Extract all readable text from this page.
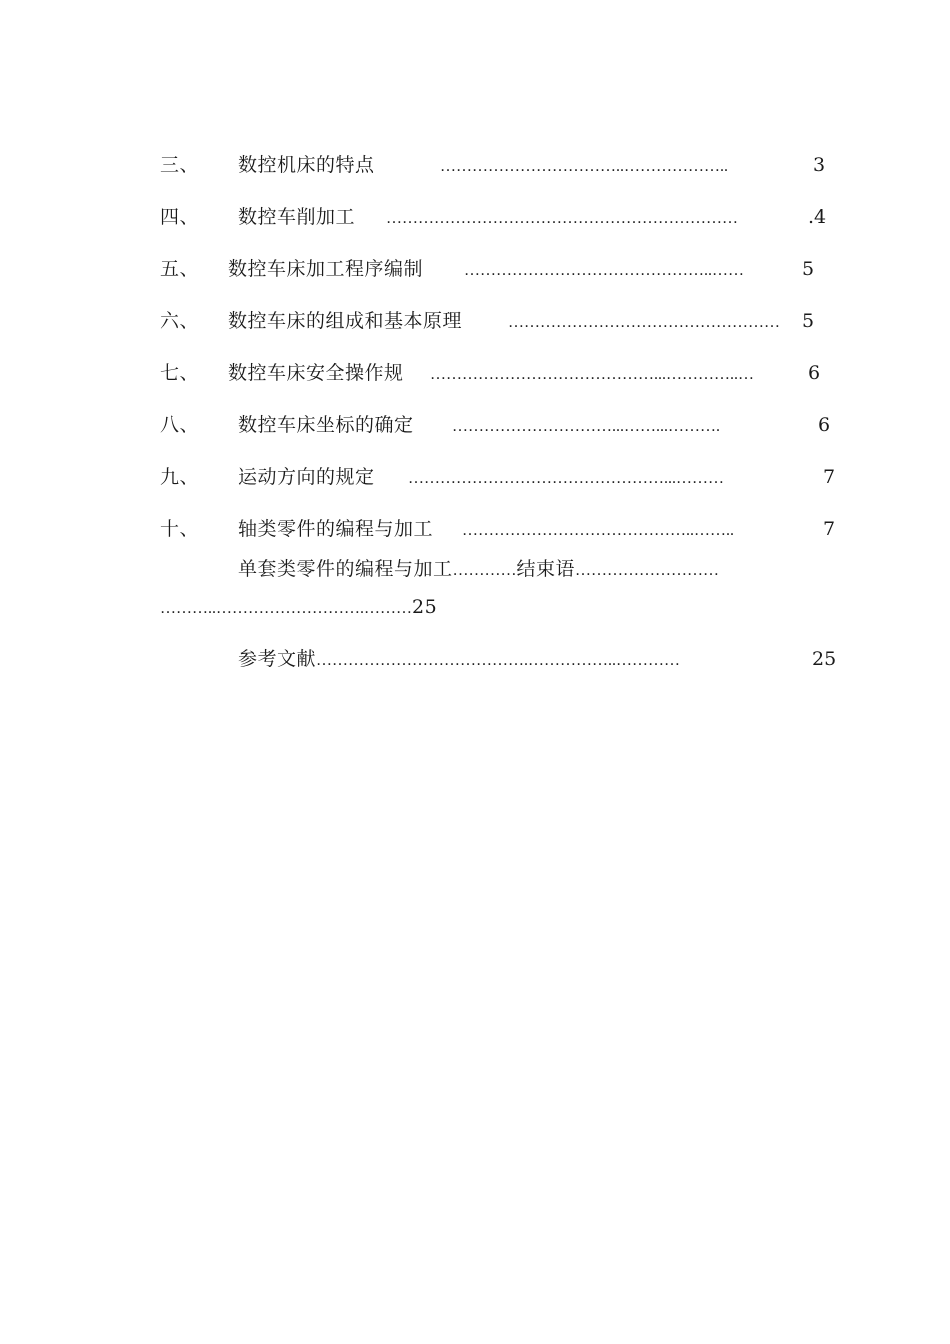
三、 数控机床的特点	……………………………..………………..	3
四、 数控车削加工 …………………………………………………………	.4
五、 数控车床加工程序编制	………………………………………..……	5
六、 数控车床的组成和基本原理	…………………………………………… 5
七、 数控车床安全操作规 ……………………………………...…………..…	6
八、 数控车床坐标的确定 …………………………...……...……….	6
九、 运动方向的规定 …………………………………………...………	7
十、 轴类零件的编程与加工 ……………………………………..……..	7
单套类零件的编程与加工…………结束语………………………
………..……………………….………25
参考文献………………………………….……………..…………	25
